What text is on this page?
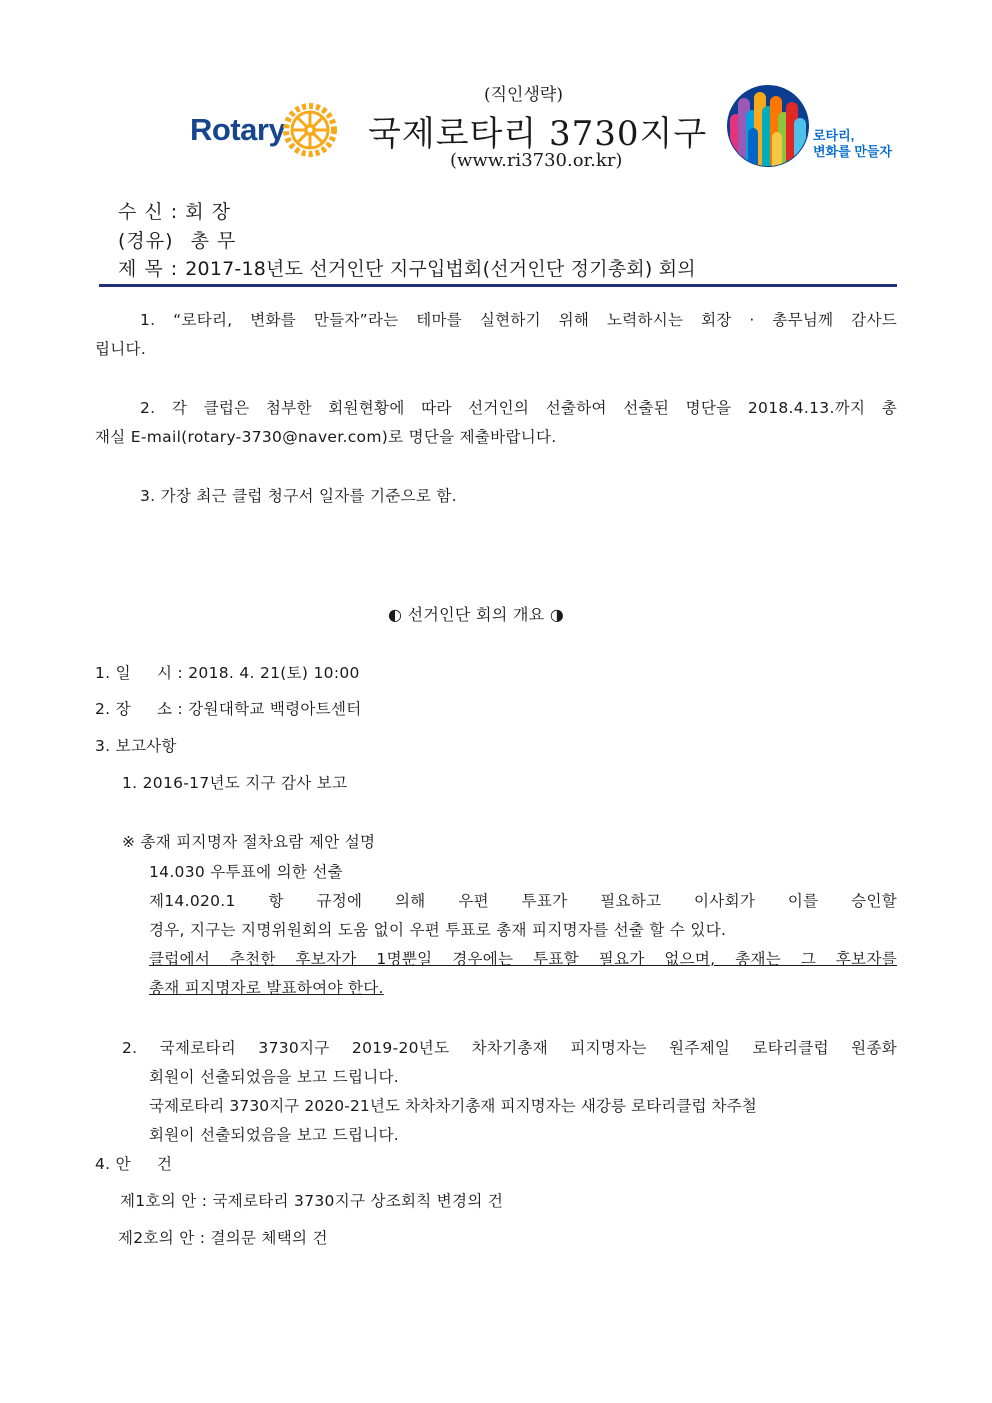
Rotary
(직인생략)
국제로타리 3730지구
(www.ri3730.or.kr)
로타리,
변화를 만들자
수 신 : 회 장
(경유) 총 무
제 목 : 2017-18년도 선거인단 지구입법회(선거인단 정기총회) 회의
1. “로타리, 변화를 만들자”라는 테마를 실현하기 위해 노력하시는 회장 · 총무님께 감사드
립니다.
2. 각 클럽은 첨부한 회원현황에 따라 선거인의 선출하여 선출된 명단을 2018.4.13.까지 총
재실 E-mail(rotary-3730@naver.com)로 명단을 제출바랍니다.
3. 가장 최근 클럽 청구서 일자를 기준으로 함.
◐ 선거인단 회의 개요 ◑
1. 일     시 : 2018. 4. 21(토) 10:00
2. 장     소 : 강원대학교 백령아트센터
3. 보고사항
1. 2016-17년도 지구 감사 보고
※ 총재 피지명자 절차요람 제안 설명
14.030 우투표에 의한 선출
제14.020.1 항 규정에 의해 우편 투표가 필요하고 이사회가 이를 승인할
경우, 지구는 지명위원회의 도움 없이 우편 투표로 총재 피지명자를 선출 할 수 있다.
클럽에서 추천한 후보자가 1명뿐일 경우에는 투표할 필요가 없으며, 총재는 그 후보자를
총재 피지명자로 발표하여야 한다.
2. 국제로타리 3730지구 2019-20년도 차차기총재 피지명자는 원주제일 로타리클럽 원종화
회원이 선출되었음을 보고 드립니다.
국제로타리 3730지구 2020-21년도 차차차기총재 피지명자는 새강릉 로타리클럽 차주철
회원이 선출되었음을 보고 드립니다.
4. 안     건
제1호의 안 : 국제로타리 3730지구 상조회칙 변경의 건
제2호의 안 : 결의문 체택의 건
